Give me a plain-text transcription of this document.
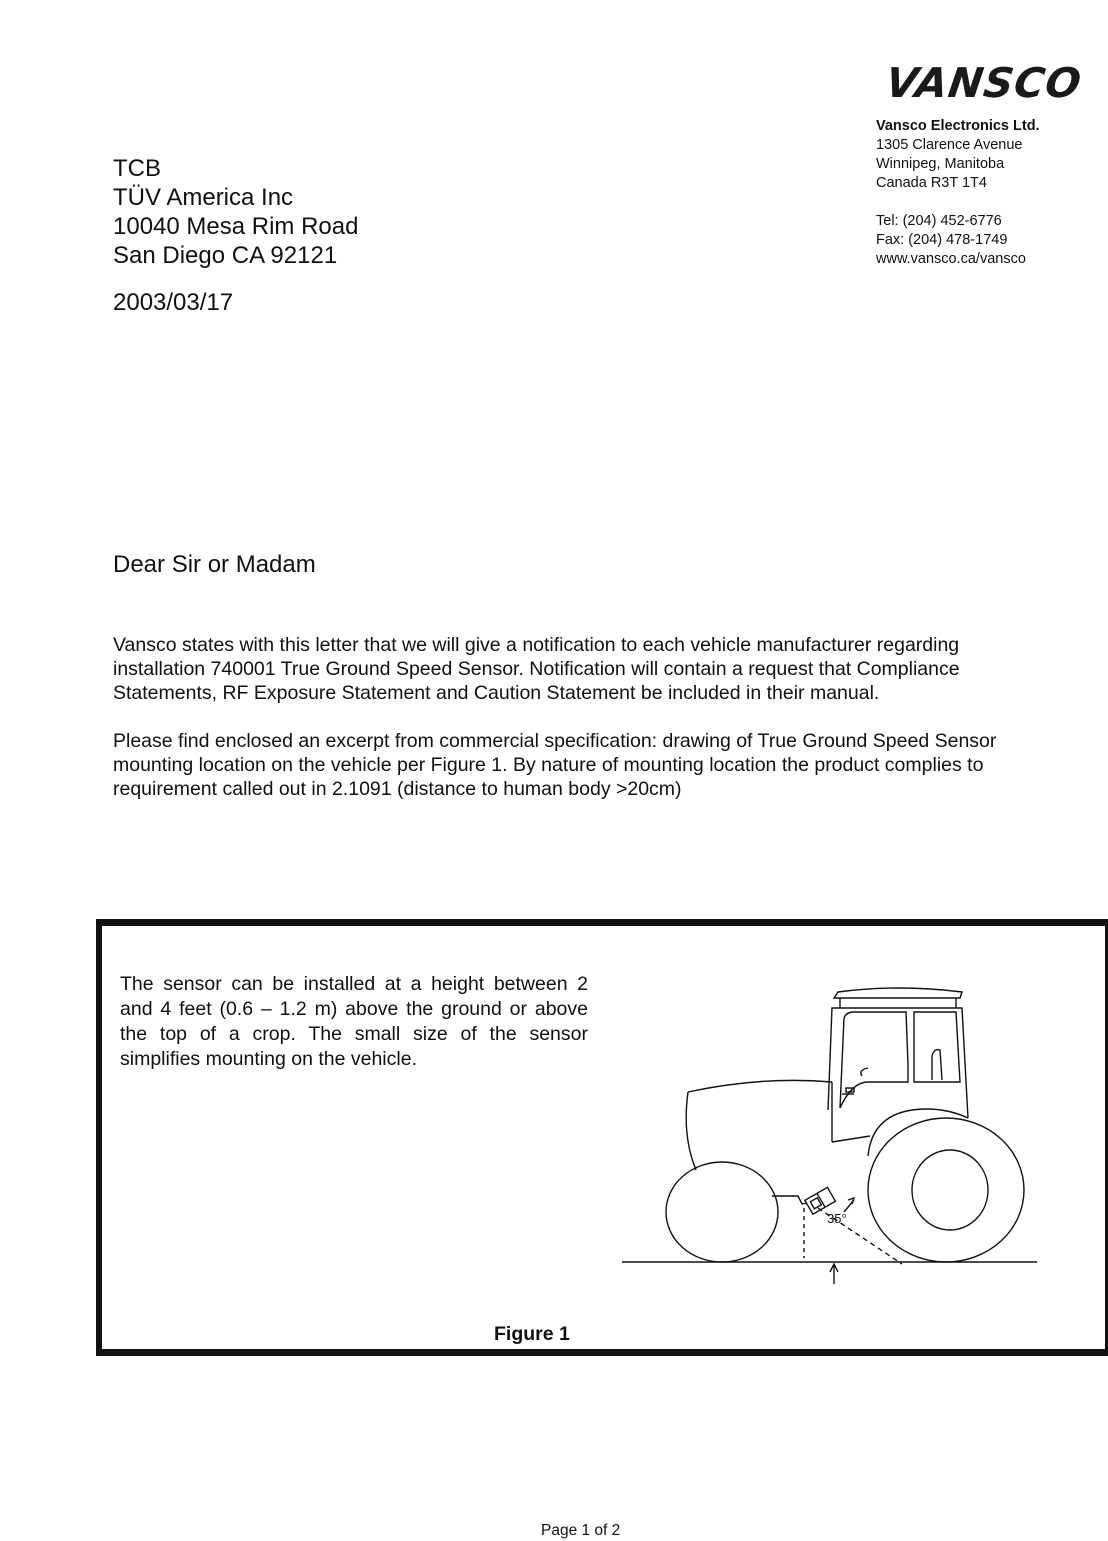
VANSCO
Vansco Electronics Ltd.
1305 Clarence Avenue
Winnipeg, Manitoba
Canada R3T 1T4
Tel: (204) 452-6776
Fax: (204) 478-1749
www.vansco.ca/vansco
TCB
TÜV America Inc
10040 Mesa Rim Road
San Diego CA 92121
2003/03/17
Dear Sir or Madam
Vansco states with this letter that we will give a notification to each vehicle manufacturer regarding installation 740001 True Ground Speed Sensor. Notification will contain a request that Compliance Statements, RF Exposure Statement and Caution Statement be included in their manual.
Please find enclosed an excerpt from commercial specification: drawing of True Ground Speed Sensor mounting location on the vehicle per Figure 1. By nature of mounting location the product complies to requirement called out in 2.1091 (distance to human body >20cm)
The sensor can be installed at a height between 2 and 4 feet (0.6 – 1.2 m) above the ground or above the top of a crop. The small size of the sensor simplifies mounting on the vehicle.
35°
Figure 1
Page 1 of 2
